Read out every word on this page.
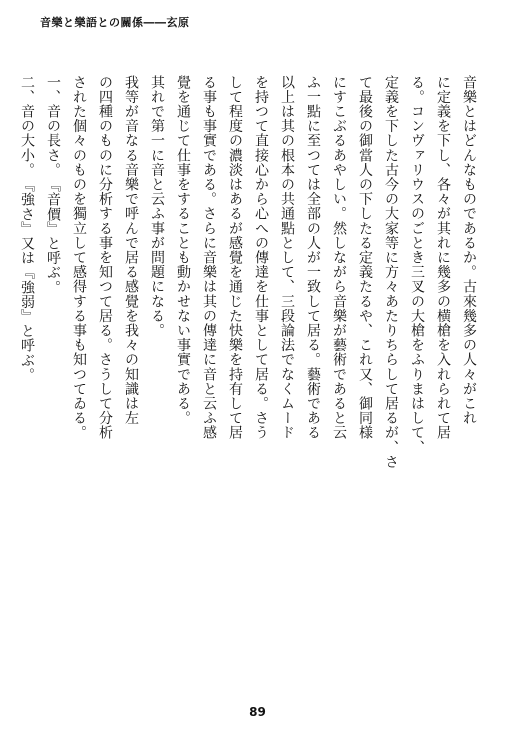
音樂と樂語との關係――玄原
音樂とはどんなものであるか。古來幾多の人々がこれ
に定義を下し、各々が其れに幾多の横槍を入れられて居
る。コンヴァリウスのごとき三叉の大槍をふりまはして、
定義を下した古今の大家等に方々あたりちらして居るが、さ
て最後の御當人の下したる定義たるや、これ又、御同様
にすこぶるあやしい。然しながら音樂が藝術であると云
ふ一點に至つては全部の人が一致して居る。藝術である
以上は其の根本の共通點として、三段論法でなくムード
を持つて直接心から心への傳達を仕事として居る。さう
して程度の濃淡はあるが感覺を通じた快樂を持有して居
る事も事實である。さらに音樂は其の傳達に音と云ふ感
覺を通じて仕事をすることも動かせない事實である。
其れで第一に音と云ふ事が問題になる。
我等が音なる音樂で呼んで居る感覺を我々の知識は左
の四種のものに分析する事を知つて居る。さうして分析
された個々のものを獨立して感得する事も知つてゐる。
一、音の長さ。　『音價』と呼ぶ。
二、音の大小。　『強さ』又は『強弱』と呼ぶ。
89
